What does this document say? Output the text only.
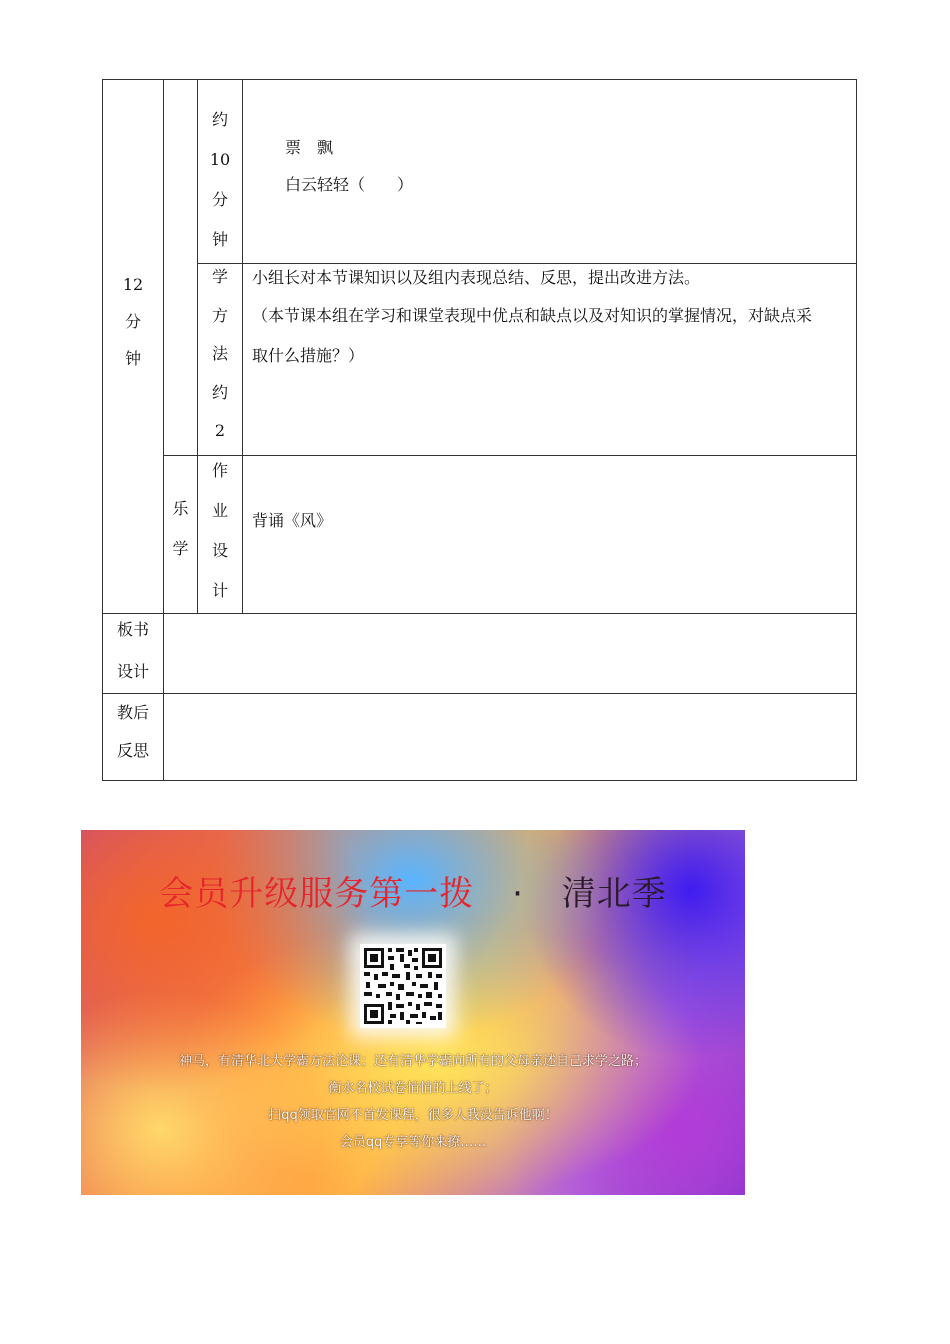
12
分
钟
乐
学
约
10
分
钟
票　飘
白云轻轻（　　）
学
方
法
约
2
小组长对本节课知识以及组内表现总结、反思，提出改进方法。
（本节课本组在学习和课堂表现中优点和缺点以及对知识的掌握情况，对缺点采
取什么措施？）
作
业
设
计
背诵《风》
板书
设计
教后
反思
会员升级服务第一拨 · 清北季
神马，有清华北大学霸方法论课；还有清华学霸向所有的父母亲述自己求学之路；
衡水名校试卷悄悄的上线了；
扫qq领取官网不首发课程，很多人我没告诉他啊！
会员qq专享等你来撩……
